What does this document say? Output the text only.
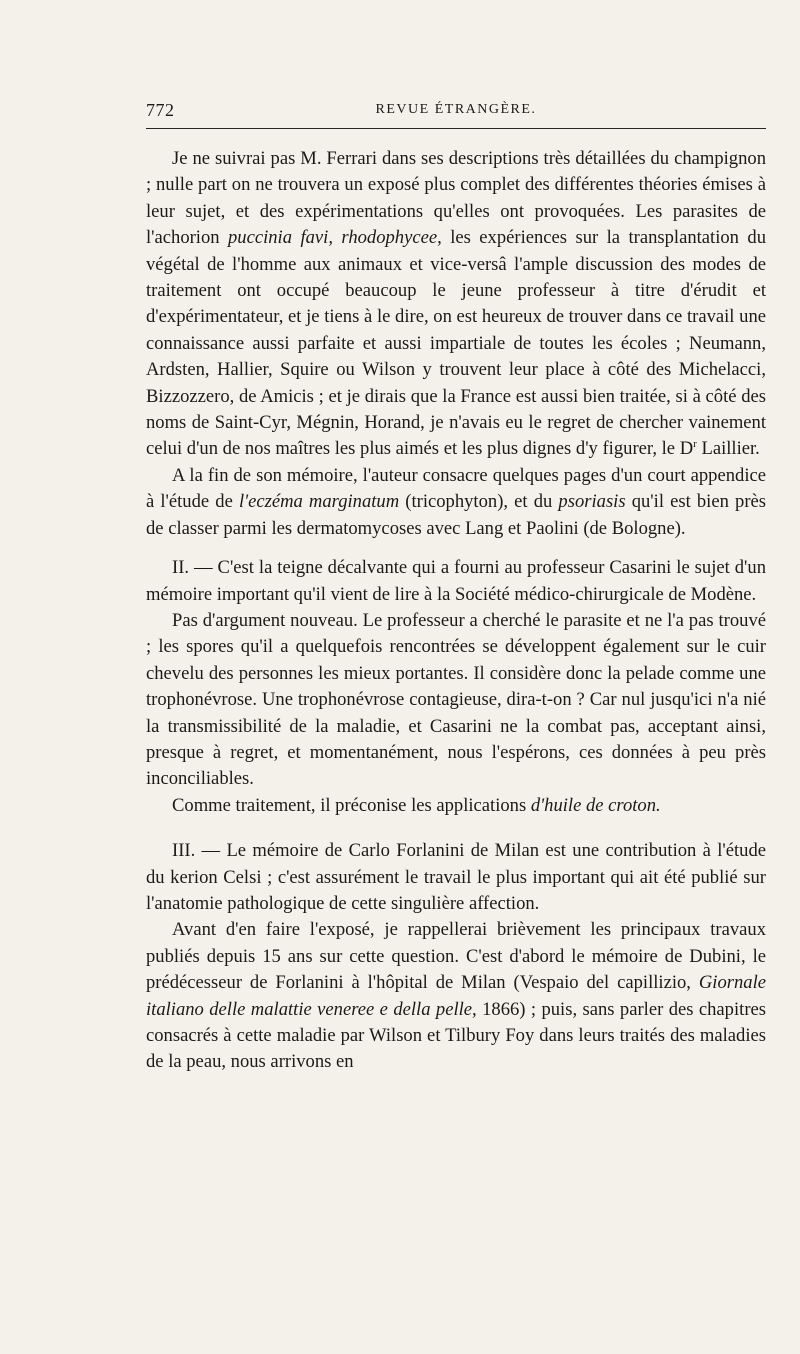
772	REVUE ÉTRANGÈRE.

Je ne suivrai pas M. Ferrari dans ses descriptions très détaillées du champignon ; nulle part on ne trouvera un exposé plus complet des différentes théories émises à leur sujet, et des expérimentations qu'elles ont provoquées. Les parasites de l'achorion puccinia favi, rhodophycee, les expériences sur la transplantation du végétal de l'homme aux animaux et vice-versâ l'ample discussion des modes de traitement ont occupé beaucoup le jeune professeur à titre d'érudit et d'expérimentateur, et je tiens à le dire, on est heureux de trouver dans ce travail une connaissance aussi parfaite et aussi impartiale de toutes les écoles ; Neumann, Ardsten, Hallier, Squire ou Wilson y trouvent leur place à côté des Michelacci, Bizzozzero, de Amicis ; et je dirais que la France est aussi bien traitée, si à côté des noms de Saint-Cyr, Mégnin, Horand, je n'avais eu le regret de chercher vainement celui d'un de nos maîtres les plus aimés et les plus dignes d'y figurer, le $D^r$ Laillier.

A la fin de son mémoire, l'auteur consacre quelques pages d'un court appendice à l'étude de l'eczéma marginatum (tricophyton), et du psoriasis qu'il est bien près de classer parmi les dermatomycoses avec Lang et Paolini (de Bologne).

II. — C'est la teigne décalvante qui a fourni au professeur Casarini le sujet d'un mémoire important qu'il vient de lire à la Société médico-chirurgicale de Modène.

Pas d'argument nouveau. Le professeur a cherché le parasite et ne l'a pas trouvé ; les spores qu'il a quelquefois rencontrées se développent également sur le cuir chevelu des personnes les mieux portantes. Il considère donc la pelade comme une trophonévrose. Une trophonévrose contagieuse, dira-t-on ? Car nul jusqu'ici n'a nié la transmissibilité de la maladie, et Casarini ne la combat pas, acceptant ainsi, presque à regret, et momentanément, nous l'espérons, ces données à peu près inconciliables.

Comme traitement, il préconise les applications d'huile de croton.

III. — Le mémoire de Carlo Forlanini de Milan est une contribution à l'étude du kerion Celsi ; c'est assurément le travail le plus important qui ait été publié sur l'anatomie pathologique de cette singulière affection.

Avant d'en faire l'exposé, je rappellerai brièvement les principaux travaux publiés depuis 15 ans sur cette question. C'est d'abord le mémoire de Dubini, le prédécesseur de Forlanini à l'hôpital de Milan (Vespaio del capillizio, Giornale italiano delle malattie veneree e della pelle, 1866) ; puis, sans parler des chapitres consacrés à cette maladie par Wilson et Tilbury Foy dans leurs traités des maladies de la peau, nous arrivons en
